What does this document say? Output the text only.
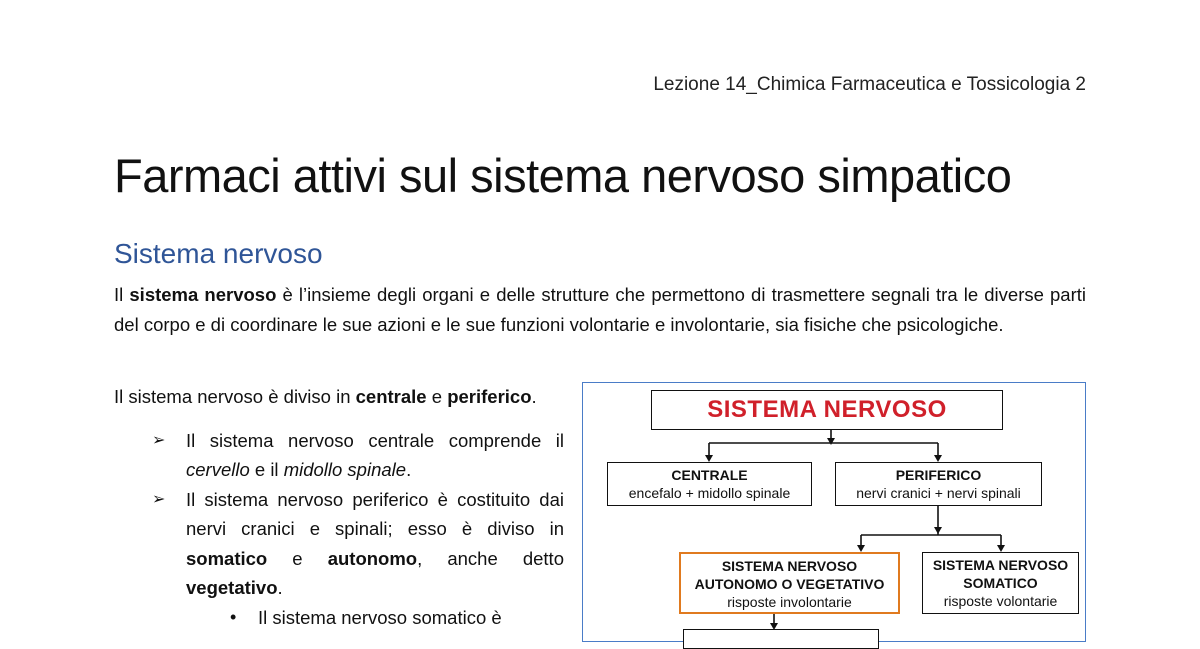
Lezione 14_Chimica Farmaceutica e Tossicologia 2
Farmaci attivi sul sistema nervoso simpatico
Sistema nervoso
Il sistema nervoso è l’insieme degli organi e delle strutture che permettono di trasmettere segnali tra le diverse parti del corpo e di coordinare le sue azioni e le sue funzioni volontarie e involontarie, sia fisiche che psicologiche.

Il sistema nervoso è diviso in centrale e periferico.

➢ Il sistema nervoso centrale comprende il cervello e il midollo spinale.
➢ Il sistema nervoso periferico è costituito dai nervi cranici e spinali; esso è diviso in somatico e autonomo, anche detto vegetativo.
• Il sistema nervoso somatico è
SISTEMA NERVOSO
CENTRALE
encefalo + midollo spinale
PERIFERICO
nervi cranici + nervi spinali
SISTEMA NERVOSO
AUTONOMO O VEGETATIVO
risposte involontarie
SISTEMA NERVOSO
SOMATICO
risposte volontarie
